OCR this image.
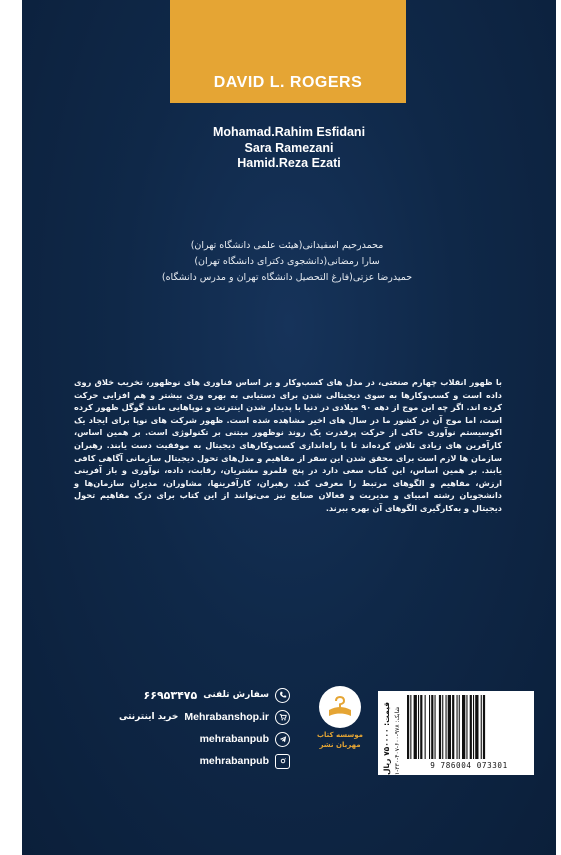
DAVID L. ROGERS
Mohamad.Rahim Esfidani
Sara Ramezani
Hamid.Reza Ezati
محمدرحیم اسفیدانی(هیئت علمی دانشگاه تهران)
سارا رمضانی(دانشجوی دکترای دانشگاه تهران)
حمیدرضا عزتی(فارغ التحصیل دانشگاه تهران و مدرس دانشگاه)
با ظهور انقلاب چهارم صنعتی، در مدل های کسب‌وکار و بر اساس فناوری های نوظهور، تخریب خلاق روی داده است و کسب‌وکارها به سوی دیجیتالی شدن برای دستیابی به بهره وری بیشتر و هم افزایی حرکت کرده اند. اگر چه این موج از دهه ۹۰ میلادی در دنیا با پدیدار شدن اینترنت و نوپاهایی مانند گوگل ظهور کرده است، اما موج آن در کشور ما در سال های اخیر مشاهده شده است. ظهور شرکت های نوپا برای ایجاد یک اکوسیستم نوآوری حاکی از حرکت پرقدرت یک روند نوظهور مبتنی بر تکنولوژی است. بر همین اساس، کارآفرین های زیادی تلاش کرده‌اند تا با راه‌اندازی کسب‌وکارهای دیجیتال به موفقیت دست یابند. رهبران سازمان ها لازم است برای محقق شدن این سفر از مفاهیم و مدل‌های تحول دیجیتال سازمانی آگاهی کافی یابند. بر همین اساس، این کتاب سعی دارد در پنج قلمرو مشتریان، رقابت، داده، نوآوری و باز آفرینی ارزش، مفاهیم و الگوهای مرتبط را معرفی کند. رهبران، کارآفرینها، مشاوران، مدیران سازمان‌ها و دانشجویان رشته امبیای و مدیریت و فعالان صنایع نیز می‌توانند از این کتاب برای درک مفاهیم تحول دیجیتال و به‌کارگیری الگوهای آن بهره ببرند.
۶۶۹۵۳۴۷۵ سفارش تلفنی
خرید اینترنتی Mehrabanshop.ir
mehrabanpub
mehrabanpub
موسسه کتاب
مهربان نشر
قیمت: ۷۵۰۰۰۰ ریال
شابک: ۹۷۸-۶۰۰-۴۰۷-۳۳۰-۱
9 786004 073301
